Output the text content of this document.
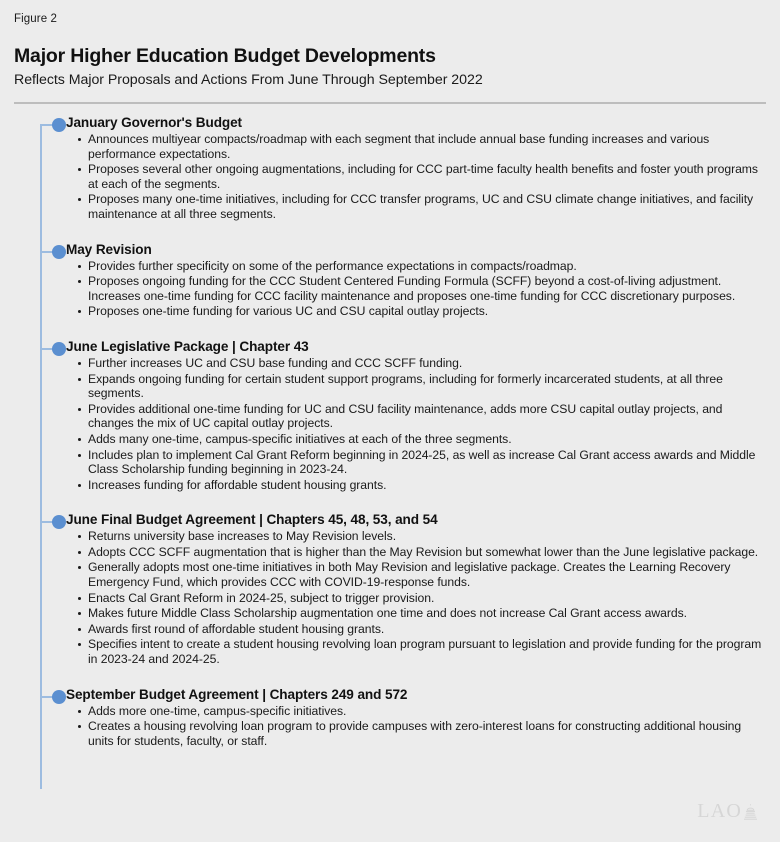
Figure 2
Major Higher Education Budget Developments
Reflects Major Proposals and Actions From June Through September 2022
January Governor's Budget
Announces multiyear compacts/roadmap with each segment that include annual base funding increases and various performance expectations.
Proposes several other ongoing augmentations, including for CCC part-time faculty health benefits and foster youth programs at each of the segments.
Proposes many one-time initiatives, including for CCC transfer programs, UC and CSU climate change initiatives, and facility maintenance at all three segments.
May Revision
Provides further specificity on some of the performance expectations in compacts/roadmap.
Proposes ongoing funding for the CCC Student Centered Funding Formula (SCFF) beyond a cost-of-living adjustment. Increases one-time funding for CCC facility maintenance and proposes one-time funding for CCC discretionary purposes.
Proposes one-time funding for various UC and CSU capital outlay projects.
June Legislative Package | Chapter 43
Further increases UC and CSU base funding and CCC SCFF funding.
Expands ongoing funding for certain student support programs, including for formerly incarcerated students, at all three segments.
Provides additional one-time funding for UC and CSU facility maintenance, adds more CSU capital outlay projects, and changes the mix of UC capital outlay projects.
Adds many one-time, campus-specific initiatives at each of the three segments.
Includes plan to implement Cal Grant Reform beginning in 2024-25, as well as increase Cal Grant access awards and Middle Class Scholarship funding beginning in 2023-24.
Increases funding for affordable student housing grants.
June Final Budget Agreement | Chapters 45, 48, 53, and 54
Returns university base increases to May Revision levels.
Adopts CCC SCFF augmentation that is higher than the May Revision but somewhat lower than the June legislative package.
Generally adopts most one-time initiatives in both May Revision and legislative package. Creates the Learning Recovery Emergency Fund, which provides CCC with COVID-19-response funds.
Enacts Cal Grant Reform in 2024-25, subject to trigger provision.
Makes future Middle Class Scholarship augmentation one time and does not increase Cal Grant access awards.
Awards first round of affordable student housing grants.
Specifies intent to create a student housing revolving loan program pursuant to legislation and provide funding for the program in 2023-24 and 2024-25.
September Budget Agreement | Chapters 249 and 572
Adds more one-time, campus-specific initiatives.
Creates a housing revolving loan program to provide campuses with zero-interest loans for constructing additional housing units for students, faculty, or staff.
LAO
